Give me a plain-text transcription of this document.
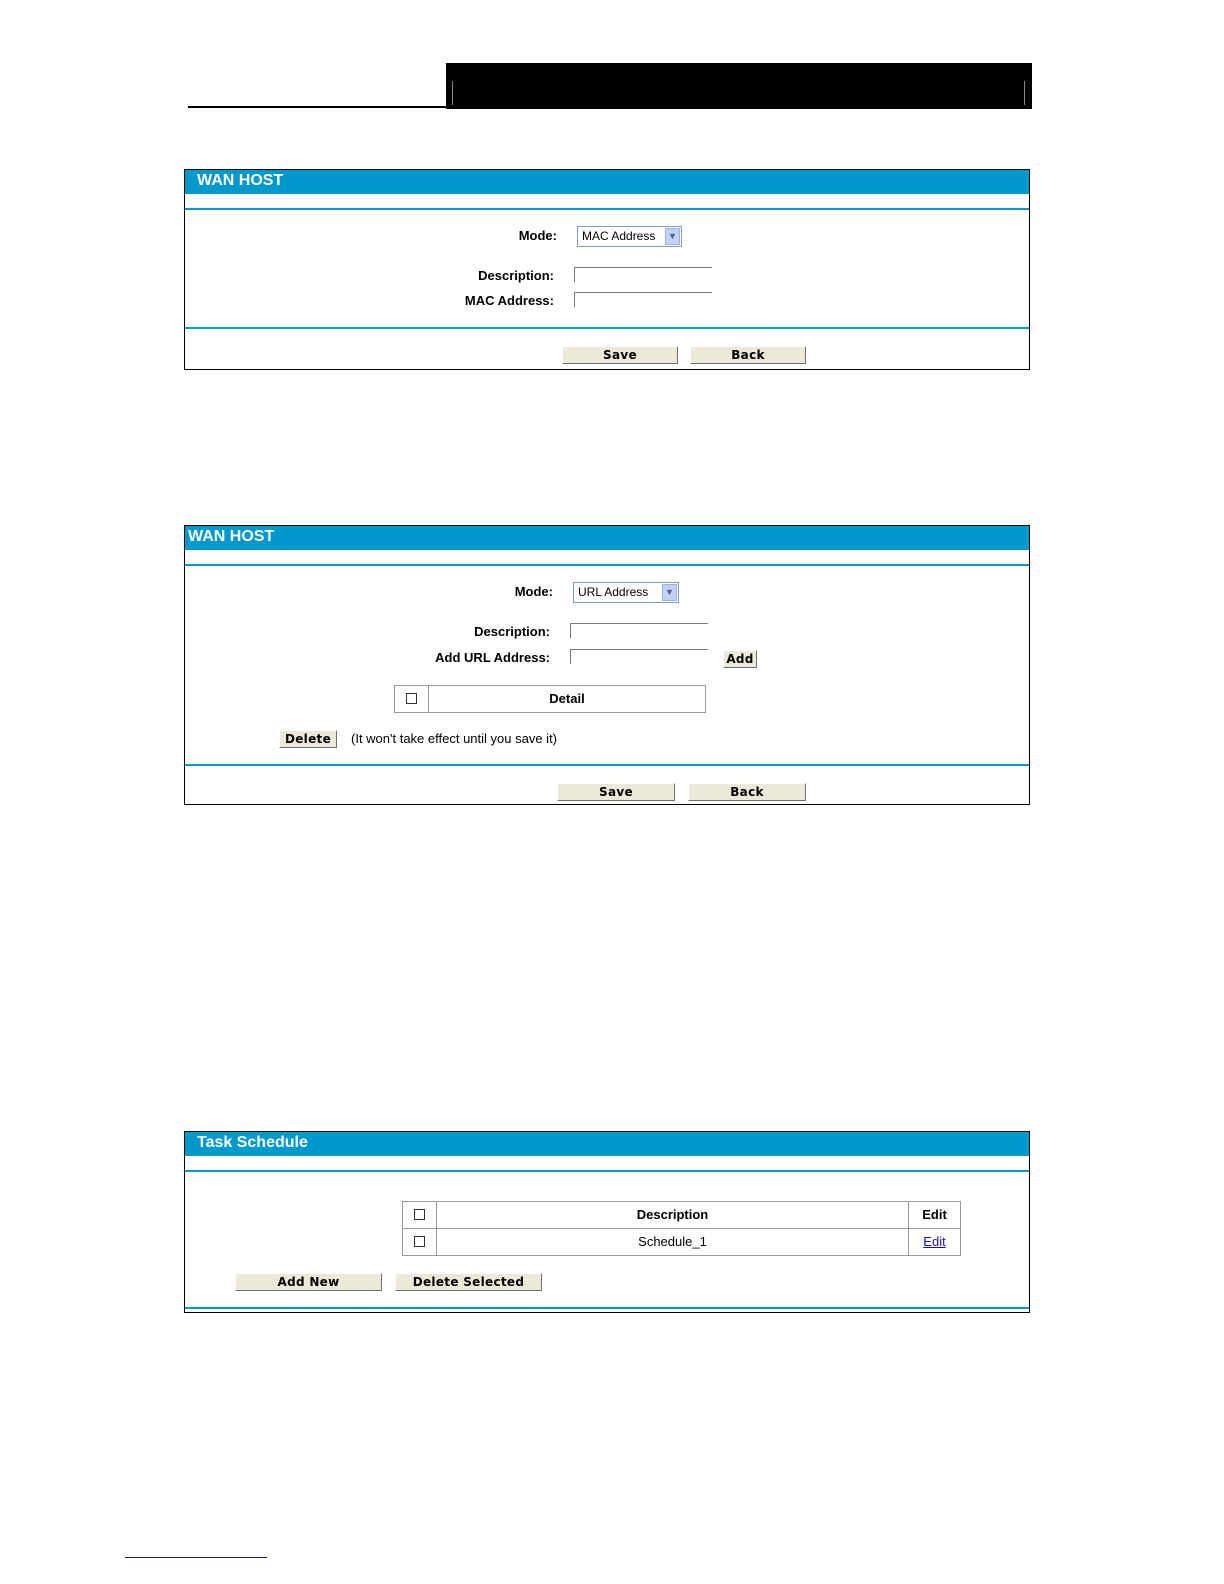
WAN HOST
Mode:	MAC Address	▼
Description:
MAC Address:
Save	Back
WAN HOST
Mode:	URL Address	▼
Description:
Add URL Address:	Add
Detail
Delete	(It won't take effect until you save it)
Save	Back
Task Schedule
Description	Edit
Schedule_1	Edit
Add New	Delete Selected
